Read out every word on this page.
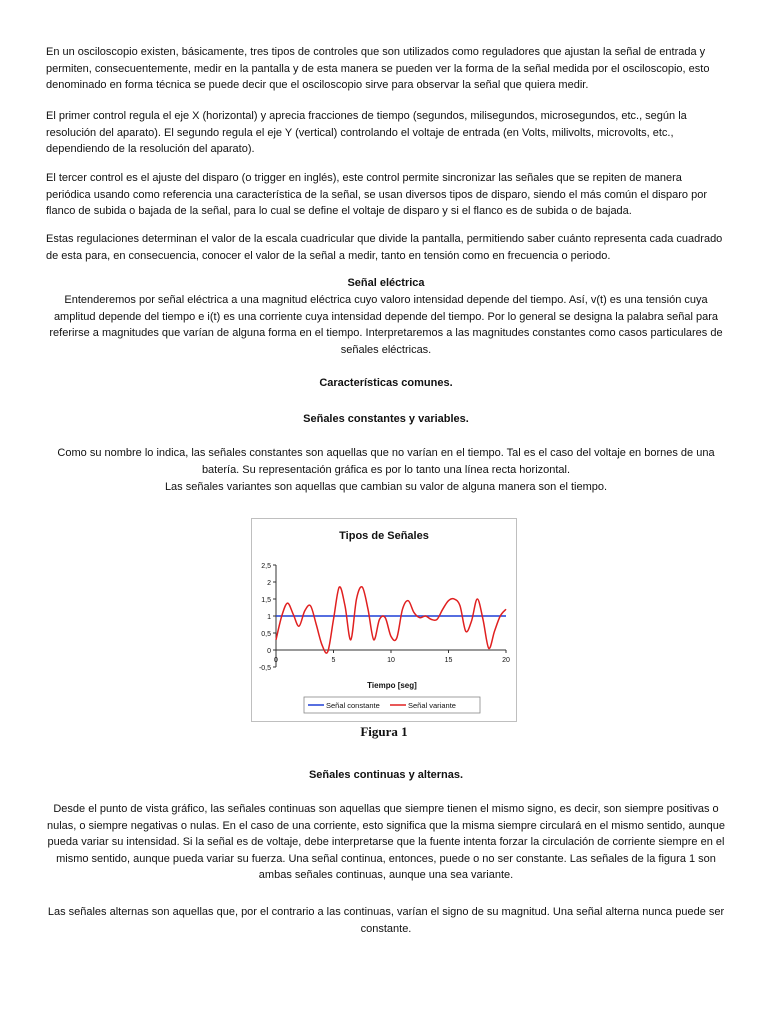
En un osciloscopio existen, básicamente, tres tipos de controles que son utilizados como reguladores que ajustan la señal de entrada y permiten, consecuentemente, medir en la pantalla y de esta manera se pueden ver la forma de la señal medida por el osciloscopio, esto denominado en forma técnica se puede decir que el osciloscopio sirve para observar la señal que quiera medir.

El primer control regula el eje X (horizontal) y aprecia fracciones de tiempo (segundos, milisegundos, microsegundos, etc., según la resolución del aparato). El segundo regula el eje Y (vertical) controlando el voltaje de entrada (en Volts, milivolts, microvolts, etc., dependiendo de la resolución del aparato).

El tercer control es el ajuste del disparo (o trigger en inglés), este control permite sincronizar las señales que se repiten de manera periódica usando como referencia una característica de la señal, se usan diversos tipos de disparo, siendo el más común el disparo por flanco de subida o bajada de la señal, para lo cual se define el voltaje de disparo y si el flanco es de subida o de bajada.

Estas regulaciones determinan el valor de la escala cuadricular que divide la pantalla, permitiendo saber cuánto representa cada cuadrado de esta para, en consecuencia, conocer el valor de la señal a medir, tanto en tensión como en frecuencia o periodo.

Señal eléctrica

Entenderemos por señal eléctrica a una magnitud eléctrica cuyo valoro intensidad depende del tiempo. Así, v(t) es una tensión cuya amplitud depende del tiempo e i(t) es una corriente cuya intensidad depende del tiempo. Por lo general se designa la palabra señal para referirse a magnitudes que varían de alguna forma en el tiempo. Interpretaremos a las magnitudes constantes como casos particulares de señales eléctricas.

Características comunes.

Señales constantes y variables.

Como su nombre lo indica, las señales constantes son aquellas que no varían en el tiempo. Tal es el caso del voltaje en bornes de una batería. Su representación gráfica es por lo tanto una línea recta horizontal.

Las señales variantes son aquellas que cambian su valor de alguna manera son el tiempo.

Tipos de Señales
-0,5
0
0,5
1
1,5
2
2,5
0	5	10	15	20
Tiempo [seg]
Señal constante	Señal variante
Figura 1

Señales continuas y alternas.

Desde el punto de vista gráfico, las señales continuas son aquellas que siempre tienen el mismo signo, es decir, son siempre positivas o nulas, o siempre negativas o nulas. En el caso de una corriente, esto significa que la misma siempre circulará en el mismo sentido, aunque pueda variar su intensidad. Si la señal es de voltaje, debe interpretarse que la fuente intenta forzar la circulación de corriente siempre en el mismo sentido, aunque pueda variar su fuerza. Una señal continua, entonces, puede o no ser constante. Las señales de la figura 1 son ambas señales continuas, aunque una sea variante.

Las señales alternas son aquellas que, por el contrario a las continuas, varían el signo de su magnitud. Una señal alterna nunca puede ser constante.
